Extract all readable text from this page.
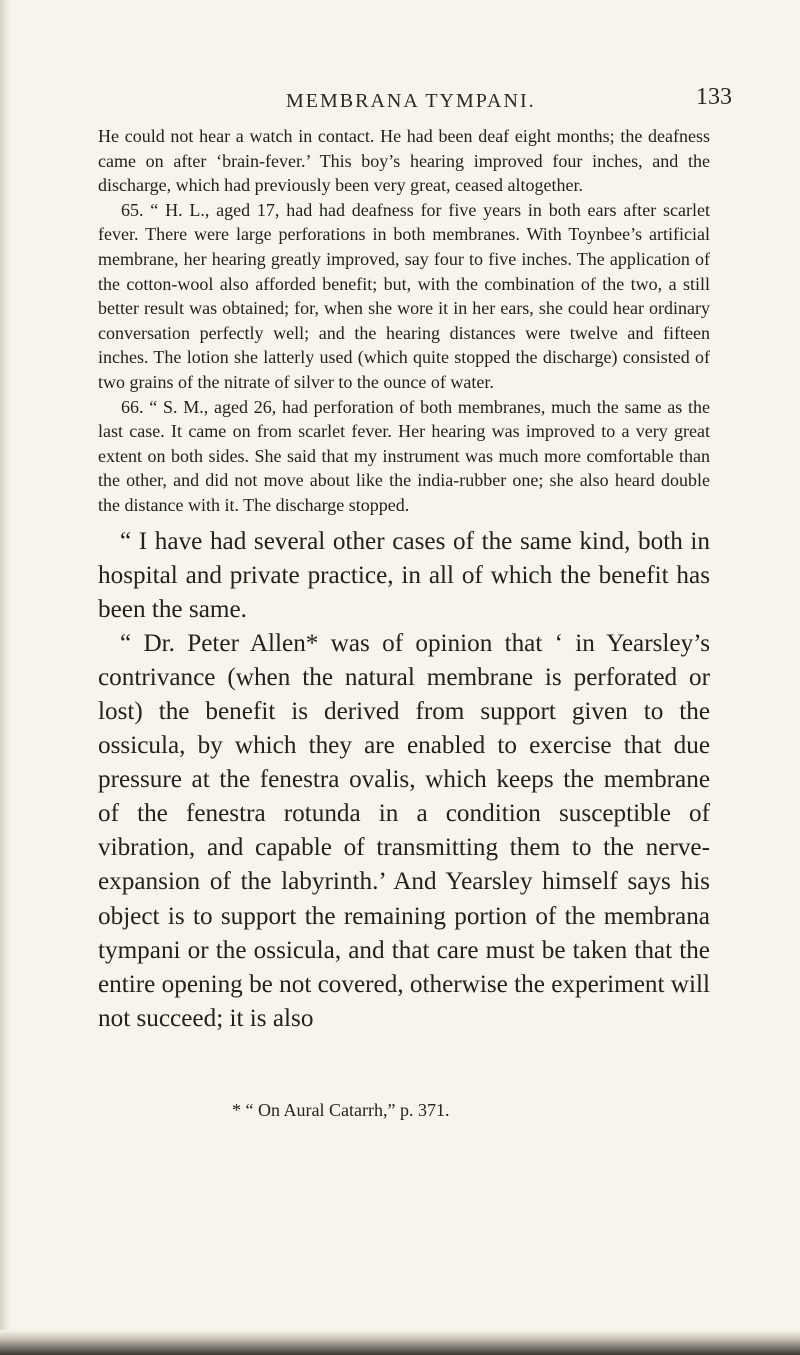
MEMBRANA TYMPANI.	133

He could not hear a watch in contact. He had been deaf eight months; the deafness came on after ‘brain-fever.’ This boy’s hearing improved four inches, and the discharge, which had previously been very great, ceased altogether.

65. “ H. L., aged 17, had had deafness for five years in both ears after scarlet fever. There were large perforations in both membranes. With Toynbee’s artificial membrane, her hearing greatly improved, say four to five inches. The application of the cotton-wool also afforded benefit; but, with the combination of the two, a still better result was obtained; for, when she wore it in her ears, she could hear ordinary conversation perfectly well; and the hearing distances were twelve and fifteen inches. The lotion she latterly used (which quite stopped the discharge) consisted of two grains of the nitrate of silver to the ounce of water.

66. “ S. M., aged 26, had perforation of both membranes, much the same as the last case. It came on from scarlet fever. Her hearing was improved to a very great extent on both sides. She said that my instrument was much more comfortable than the other, and did not move about like the india-rubber one; she also heard double the distance with it. The discharge stopped.

“ I have had several other cases of the same kind, both in hospital and private practice, in all of which the benefit has been the same.

“ Dr. Peter Allen* was of opinion that ‘ in Yearsley’s contrivance (when the natural membrane is perforated or lost) the benefit is derived from support given to the ossicula, by which they are enabled to exercise that due pressure at the fenestra ovalis, which keeps the membrane of the fenestra rotunda in a condition susceptible of vibration, and capable of transmitting them to the nerve-expansion of the labyrinth.’ And Yearsley himself says his object is to support the remaining portion of the membrana tympani or the ossicula, and that care must be taken that the entire opening be not covered, otherwise the experiment will not succeed; it is also

* “ On Aural Catarrh,” p. 371.
